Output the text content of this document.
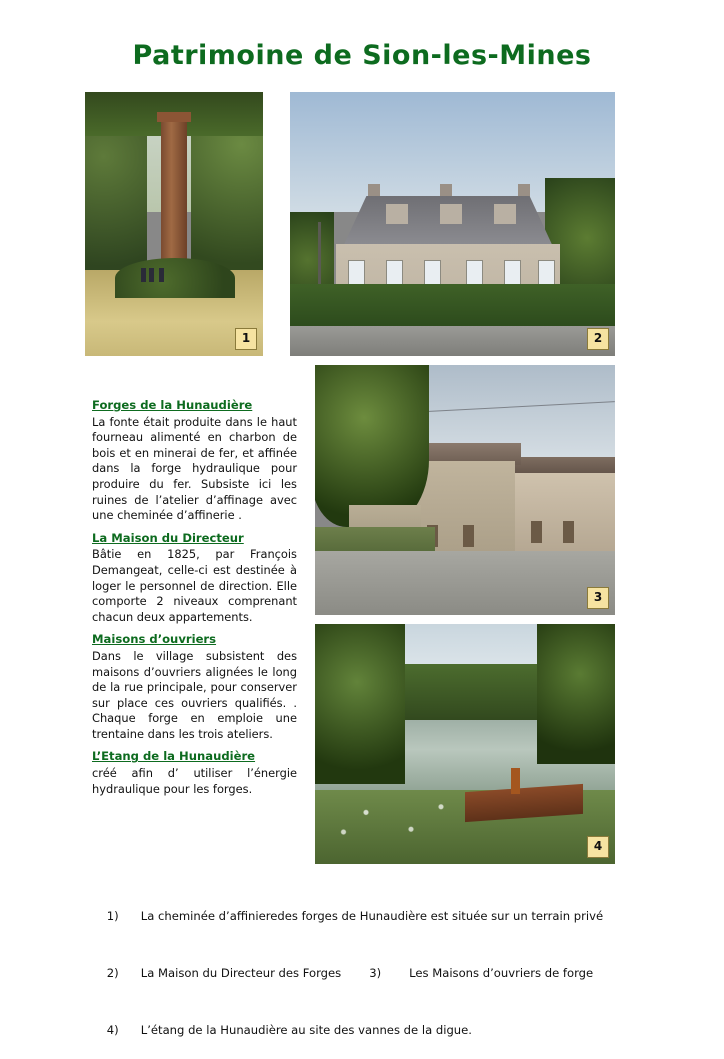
Patrimoine de Sion-les-Mines
1	2
3
4

Forges de la Hunaudière

La fonte était produite dans le haut fourneau alimenté en charbon de bois et en minerai de fer, et affinée dans la forge hydraulique pour produire du fer. Subsiste ici les ruines de l’atelier d’affinage avec une cheminée d’affinerie .

La Maison du Directeur

Bâtie en 1825, par François Demangeat, celle-ci est destinée à loger le personnel de direction. Elle comporte 2 niveaux comprenant chacun deux appartements.

Maisons d’ouvriers

Dans le village subsistent des maisons d’ouvriers alignées le long de la rue principale, pour conserver sur place ces ouvriers qualifiés. . Chaque forge en emploie une trentaine dans les trois ateliers.

L’Etang de la Hunaudière

créé afin d’ utiliser l’énergie hydraulique pour les forges.

1) La cheminée d’affinieredes forges de Hunaudière est située sur un terrain privé

2) La Maison du Directeur des Forges 3) Les Maisons d’ouvriers de forge

4) L’étang de la Hunaudière au site des vannes de la digue.
